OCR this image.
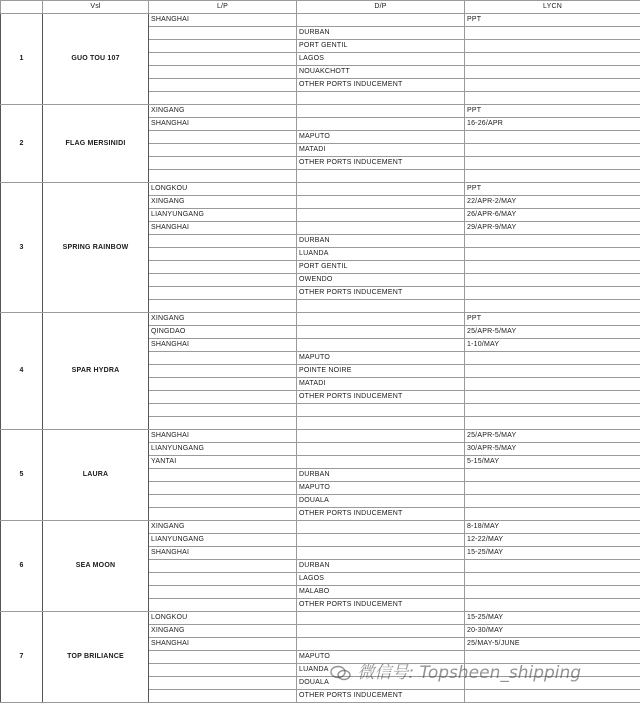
	Vsl	L/P	D/P	LYCN
1	GUO TOU 107	SHANGHAI		PPT
			DURBAN	
			PORT GENTIL	
			LAGOS	
			NOUAKCHOTT	
			OTHER PORTS INDUCEMENT	

2	FLAG MERSINIDI	XINGANG		PPT
		SHANGHAI		16-26/APR
			MAPUTO	
			MATADI	
			OTHER PORTS INDUCEMENT	

3	SPRING RAINBOW	LONGKOU		PPT
		XINGANG		22/APR-2/MAY
		LIANYUNGANG		26/APR-6/MAY
		SHANGHAI		29/APR-9/MAY
			DURBAN	
			LUANDA	
			PORT GENTIL	
			OWENDO	
			OTHER PORTS INDUCEMENT	

4	SPAR HYDRA	XINGANG		PPT
		QINGDAO		25/APR-5/MAY
		SHANGHAI		1-10/MAY
			MAPUTO	
			POINTE NOIRE	
			MATADI	
			OTHER PORTS INDUCEMENT	

5	LAURA	SHANGHAI		25/APR-5/MAY
		LIANYUNGANG		30/APR-5/MAY
		YANTAI		5-15/MAY
			DURBAN	
			MAPUTO	
			DOUALA	
			OTHER PORTS INDUCEMENT	
6	SEA MOON	XINGANG		8-18/MAY
		LIANYUNGANG		12-22/MAY
		SHANGHAI		15-25/MAY
			DURBAN	
			LAGOS	
			MALABO	
			OTHER PORTS INDUCEMENT	
7	TOP BRILIANCE	LONGKOU		15-25/MAY
		XINGANG		20-30/MAY
		SHANGHAI		25/MAY-5/JUNE
			MAPUTO	
			LUANDA	
			DOUALA	
			OTHER PORTS INDUCEMENT	
微信号: Topsheen_shipping
